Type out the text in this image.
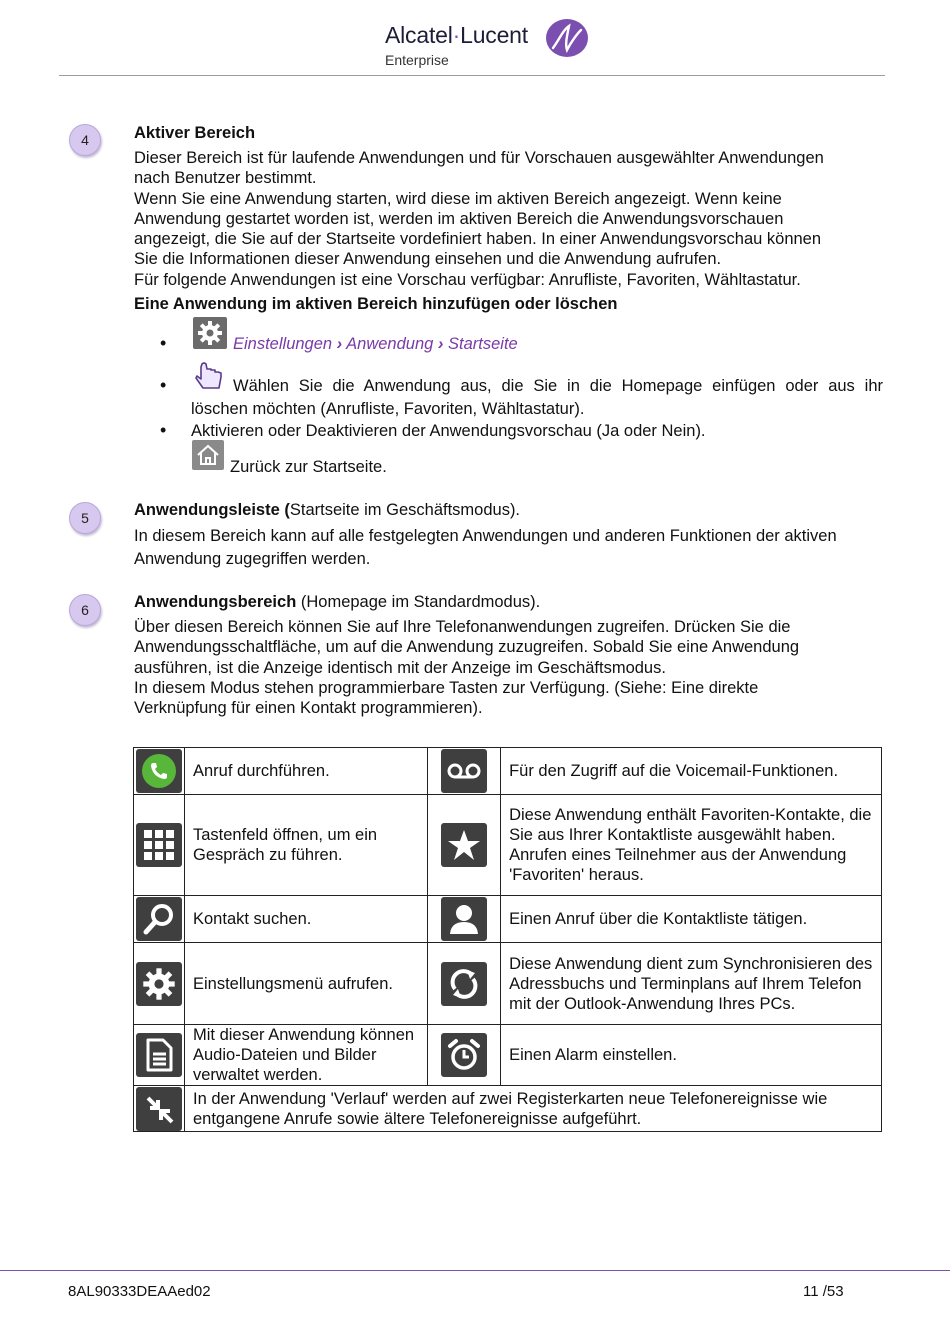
Alcatel·Lucent
Enterprise
4	Aktiver Bereich
Dieser Bereich ist für laufende Anwendungen und für Vorschauen ausgewählter Anwendungen
nach Benutzer bestimmt.
Wenn Sie eine Anwendung starten, wird diese im aktiven Bereich angezeigt. Wenn keine
Anwendung gestartet worden ist, werden im aktiven Bereich die Anwendungsvorschauen
angezeigt, die Sie auf der Startseite vordefiniert haben. In einer Anwendungsvorschau können
Sie die Informationen dieser Anwendung einsehen und die Anwendung aufrufen.
Für folgende Anwendungen ist eine Vorschau verfügbar: Anrufliste, Favoriten, Wähltastatur.
Eine Anwendung im aktiven Bereich hinzufügen oder löschen
•	Einstellungen › Anwendung › Startseite
•	Wählen Sie die Anwendung aus, die Sie in die Homepage einfügen oder aus ihr
löschen möchten (Anrufliste, Favoriten, Wähltastatur).
• Aktivieren oder Deaktivieren der Anwendungsvorschau (Ja oder Nein).
Zurück zur Startseite.
5	Anwendungsleiste (Startseite im Geschäftsmodus).
In diesem Bereich kann auf alle festgelegten Anwendungen und anderen Funktionen der aktiven
Anwendung zugegriffen werden.
6	Anwendungsbereich (Homepage im Standardmodus).
Über diesen Bereich können Sie auf Ihre Telefonanwendungen zugreifen. Drücken Sie die
Anwendungsschaltfläche, um auf die Anwendung zuzugreifen. Sobald Sie eine Anwendung
ausführen, ist die Anzeige identisch mit der Anzeige im Geschäftsmodus.
In diesem Modus stehen programmierbare Tasten zur Verfügung. (Siehe: Eine direkte
Verknüpfung für einen Kontakt programmieren).
	Anruf durchführen.		Für den Zugriff auf die Voicemail-Funktionen.

	Tastenfeld öffnen, um ein Gespräch zu führen.		Diese Anwendung enthält Favoriten-Kontakte, die Sie aus Ihrer Kontaktliste ausgewählt haben. Anrufen eines Teilnehmer aus der Anwendung 'Favoriten' heraus.

	Kontakt suchen.		Einen Anruf über die Kontaktliste tätigen.

	Einstellungsmenü aufrufen.		Diese Anwendung dient zum Synchronisieren des Adressbuchs und Terminplans auf Ihrem Telefon mit der Outlook-Anwendung Ihres PCs.

	Mit dieser Anwendung können Audio-Dateien und Bilder verwaltet werden.		Einen Alarm einstellen.

	In der Anwendung 'Verlauf' werden auf zwei Registerkarten neue Telefonereignisse wie entgangene Anrufe sowie ältere Telefonereignisse aufgeführt.		
8AL90333DEAAed02	11 /53
